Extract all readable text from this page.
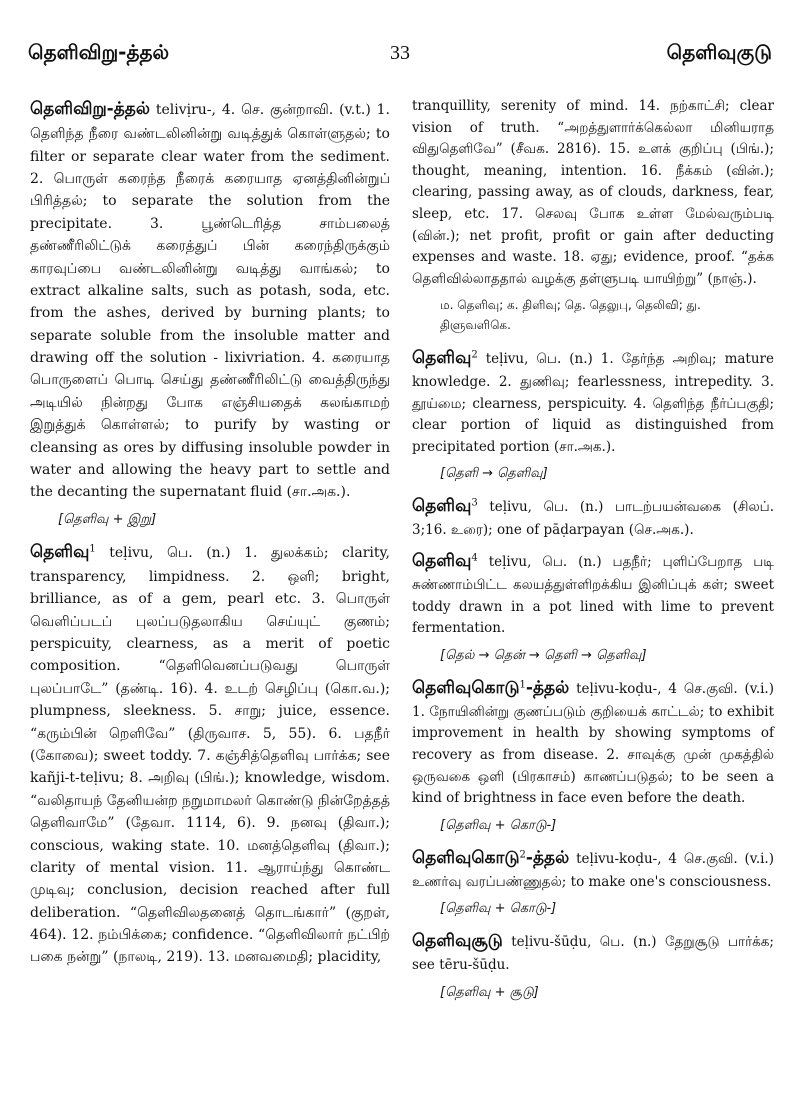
தெளிவிறு-த்தல்	33	தெளிவுகுடு

தெளிவிறு-த்தல் telivịru-, 4. செ. குன்றாவி. (v.t.) 1. தெளிந்த நீரை வண்டலினின்று வடித்துக் கொள்ளுதல்; to filter or separate clear water from the sediment. 2. பொருள் கரைந்த நீரைக் கரையாத ஏனத்தினின்றுப் பிரித்தல்; to separate the solution from the precipitate. 3. பூண்டெரித்த சாம்பலைத் தண்ணீரிலிட்டுக் கரைத்துப் பின் கரைந்திருக்கும் காரவுப்பை வண்டலினின்று வடித்து வாங்கல்; to extract alkaline salts, such as potash, soda, etc. from the ashes, derived by burning plants; to separate soluble from the insoluble matter and drawing off the solution - lixivriation. 4. கரையாத பொருளைப் பொடி செய்து தண்ணீரிலிட்டு வைத்திருந்து அடியில் நின்றது போக எஞ்சியதைக் கலங்காமற் இறுத்துக் கொள்ளல்; to purify by wasting or cleansing as ores by diffusing insoluble powder in water and allowing the heavy part to settle and the decanting the supernatant fluid (சா.அக.).

[தெளிவு + இறு]

தெளிவு$^1$ teḷivu, பெ. (n.) 1. துலக்கம்; clarity, transparency, limpidness. 2. ஒளி; bright, brilliance, as of a gem, pearl etc. 3. பொருள் வெளிப்படப் புலப்படுதலாகிய செய்யுட் குணம்; perspicuity, clearness, as a merit of poetic composition. “தெளிவெனப்படுவது பொருள் புலப்பாடே” (தண்டி. 16). 4. உடற் செழிப்பு (கொ.வ.); plumpness, sleekness. 5. சாறு; juice, essence. “கரும்பின் றெளிவே” (திருவாச. 5, 55). 6. பதநீர் (கோவை); sweet toddy. 7. கஞ்சித்தெளிவு பார்க்க; see kañji-t-teḷivu; 8. அறிவு (பிங்.); knowledge, wisdom. “வலிதாயந் தேனியன்ற நறுமாமலர் கொண்டு நின்றேத்தத் தெளிவாமே” (தேவா. 1114, 6). 9. நனவு (திவா.); conscious, waking state. 10. மனத்தெளிவு (திவா.); clarity of mental vision. 11. ஆராய்ந்து கொண்ட முடிவு; conclusion, decision reached after full deliberation. “தெளிவிலதனைத் தொடங்கார்” (குறள், 464). 12. நம்பிக்கை; confidence. “தெளிவிலார் நட்பிற் பகை நன்று” (நாலடி, 219). 13. மனவமைதி; placidity,

tranquillity, serenity of mind. 14. நற்காட்சி; clear vision of truth. “அறத்துளார்க்கெல்லா மினியராத விதுதெளிவே” (சீவக. 2816). 15. உளக் குறிப்பு (பிங்.); thought, meaning, intention. 16. நீக்கம் (வின்.); clearing, passing away, as of clouds, darkness, fear, sleep, etc. 17. செலவு போக உள்ள மேல்வரும்படி (வின்.); net profit, profit or gain after deducting expenses and waste. 18. ஏது; evidence, proof. “தக்க தெளிவில்லாததால் வழக்கு தள்ளுபடி யாயிற்று” (நாஞ்.).

ம. தெளிவு; க. திளிவு; தெ. தெலுபு, தெலிவி; து. திளுவளிகெ.

தெளிவு$^2$ teḷivu, பெ. (n.) 1. தேர்ந்த அறிவு; mature knowledge. 2. துணிவு; fearlessness, intrepedity. 3. தூய்மை; clearness, perspicuity. 4. தெளிந்த நீர்ப்பகுதி; clear portion of liquid as distinguished from precipitated portion (சா.அக.).

[தெளி → தெளிவு]

தெளிவு$^3$ teḷivu, பெ. (n.) பாடற்பயன்வகை (சிலப். 3;16. உரை); one of pāḍarpayan (செ.அக.).

தெளிவு$^4$ teḷivu, பெ. (n.) பதநீர்; புளிப்பேறாத படி சுண்ணாம்பிட்ட கலயத்துள்ளிறக்கிய இனிப்புக் கள்; sweet toddy drawn in a pot lined with lime to prevent fermentation.

[தெல் → தென் → தெளி → தெளிவு]

தெளிவுகொடு$^1$-த்தல் teḷivu-koḍu-, 4 செ.குவி. (v.i.) 1. நோயினின்று குணப்படும் குறியைக் காட்டல்; to exhibit improvement in health by showing symptoms of recovery as from disease. 2. சாவுக்கு முன் முகத்தில் ஒருவகை ஒளி (பிரகாசம்) காணப்படுதல்; to be seen a kind of brightness in face even before the death.

[தெளிவு + கொடு-]

தெளிவுகொடு$^2$-த்தல் teḷivu-koḍu-, 4 செ.குவி. (v.i.) உணர்வு வரப்பண்ணுதல்; to make one's consciousness.

[தெளிவு + கொடு-]

தெளிவுசூடு teḷivu-šūḍu, பெ. (n.) தேறுசூடு பார்க்க; see tēru-šūḍu.

[தெளிவு + சூடு]
